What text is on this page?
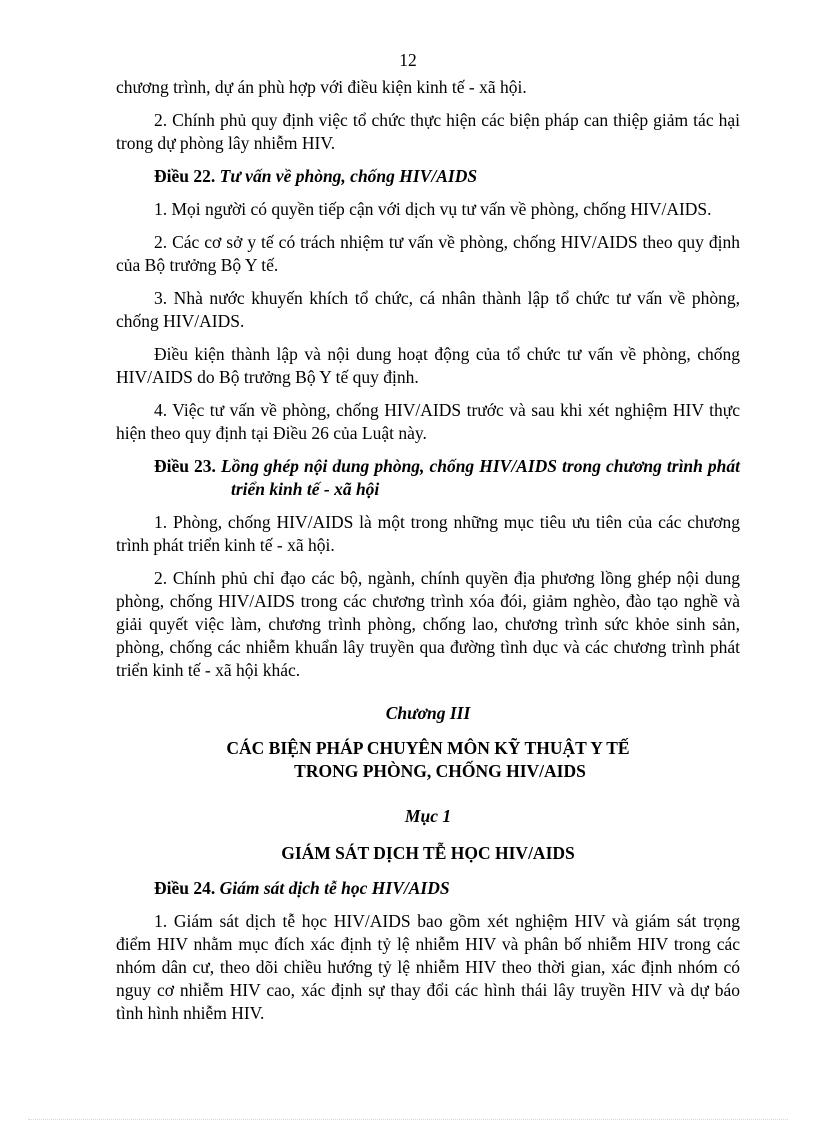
12

chương trình, dự án phù hợp với điều kiện kinh tế - xã hội.

2. Chính phủ quy định việc tổ chức thực hiện các biện pháp can thiệp giảm tác hại trong dự phòng lây nhiễm HIV.

Điều 22. Tư vấn về phòng, chống HIV/AIDS

1. Mọi người có quyền tiếp cận với dịch vụ tư vấn về phòng, chống HIV/AIDS.

2. Các cơ sở y tế có trách nhiệm tư vấn về phòng, chống HIV/AIDS theo quy định của Bộ trưởng Bộ Y tế.

3. Nhà nước khuyến khích tổ chức, cá nhân thành lập tổ chức tư vấn về phòng, chống HIV/AIDS.

Điều kiện thành lập và nội dung hoạt động của tổ chức tư vấn về phòng, chống HIV/AIDS do Bộ trưởng Bộ Y tế quy định.

4. Việc tư vấn về phòng, chống HIV/AIDS trước và sau khi xét nghiệm HIV thực hiện theo quy định tại Điều 26 của Luật này.

Điều 23. Lồng ghép nội dung phòng, chống HIV/AIDS trong chương trình phát triển kinh tế - xã hội

1. Phòng, chống HIV/AIDS là một trong những mục tiêu ưu tiên của các chương trình phát triển kinh tế - xã hội.

2. Chính phủ chỉ đạo các bộ, ngành, chính quyền địa phương lồng ghép nội dung phòng, chống HIV/AIDS trong các chương trình xóa đói, giảm nghèo, đào tạo nghề và giải quyết việc làm, chương trình phòng, chống lao, chương trình sức khỏe sinh sản, phòng, chống các nhiễm khuẩn lây truyền qua đường tình dục và các chương trình phát triển kinh tế - xã hội khác.

Chương III

CÁC BIỆN PHÁP CHUYÊN MÔN KỸ THUẬT Y TẾ
TRONG PHÒNG, CHỐNG HIV/AIDS

Mục 1

GIÁM SÁT DỊCH TỄ HỌC HIV/AIDS

Điều 24. Giám sát dịch tễ học HIV/AIDS

1. Giám sát dịch tễ học HIV/AIDS bao gồm xét nghiệm HIV và giám sát trọng điểm HIV nhằm mục đích xác định tỷ lệ nhiễm HIV và phân bố nhiễm HIV trong các nhóm dân cư, theo dõi chiều hướng tỷ lệ nhiễm HIV theo thời gian, xác định nhóm có nguy cơ nhiễm HIV cao, xác định sự thay đổi các hình thái lây truyền HIV và dự báo tình hình nhiễm HIV.
